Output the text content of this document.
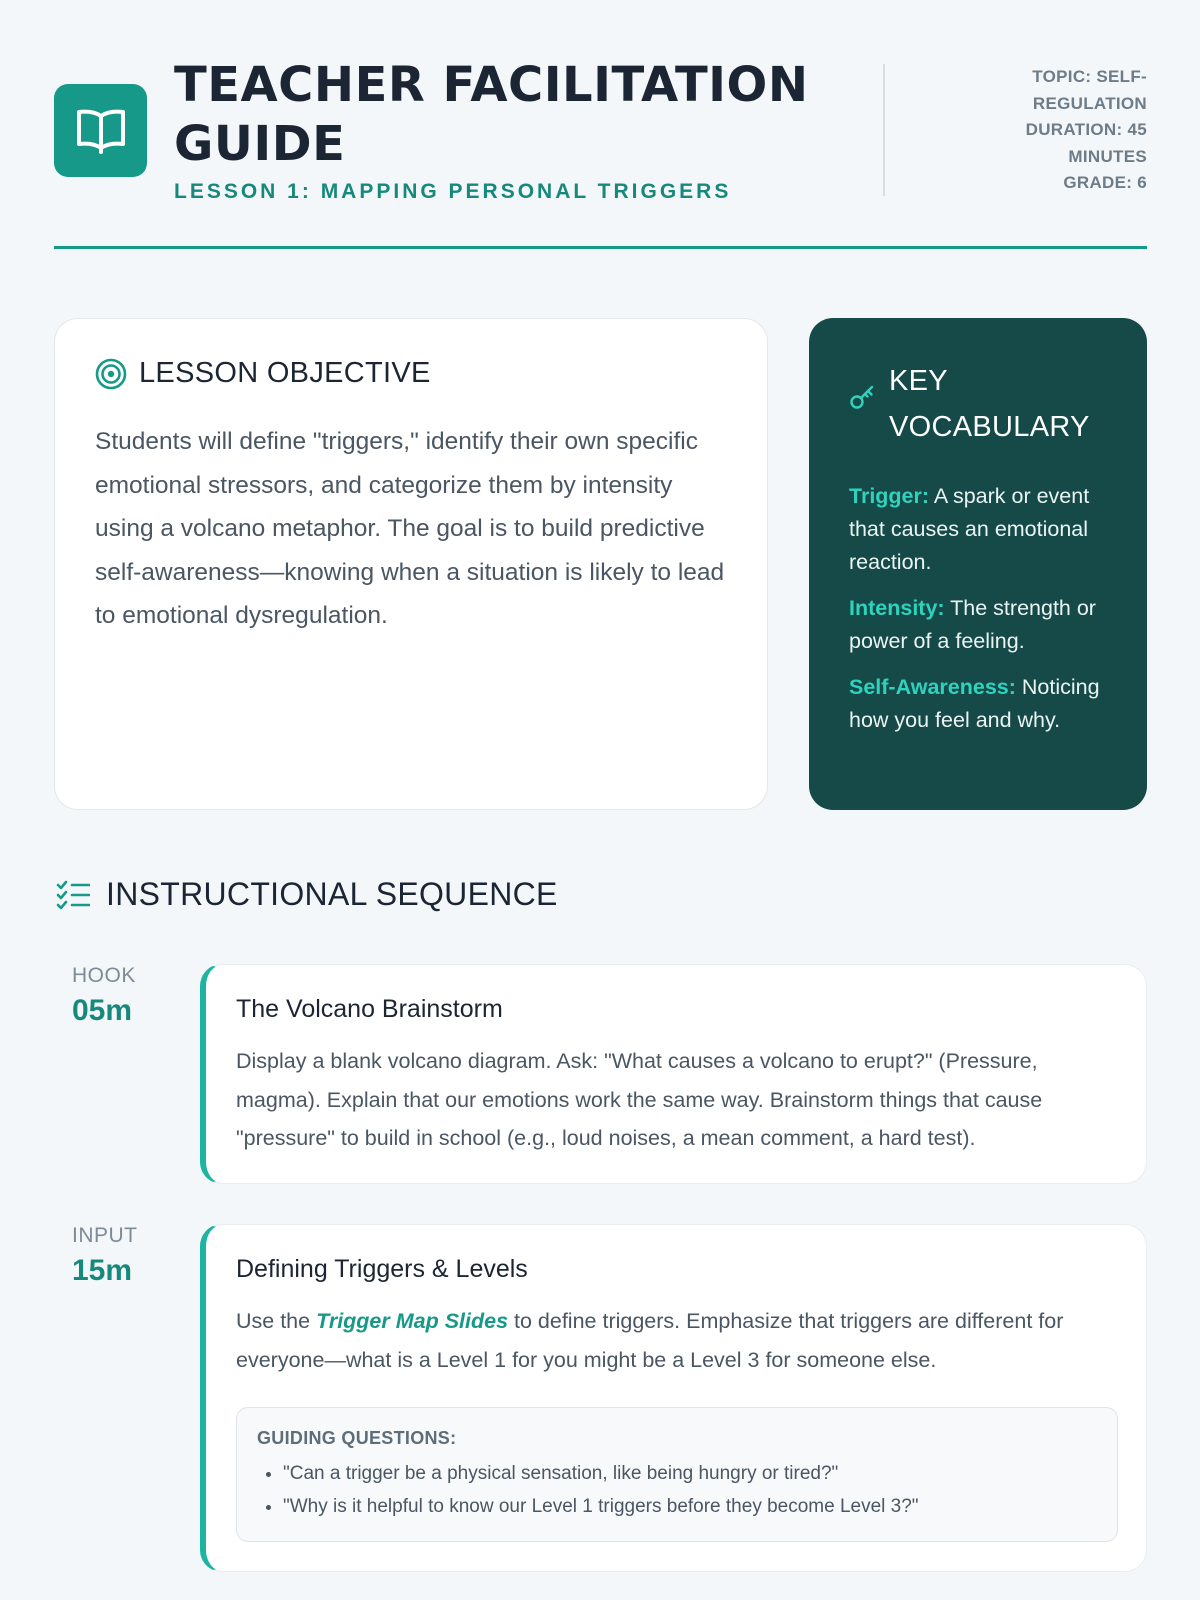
TEACHER FACILITATION GUIDE
LESSON 1: MAPPING PERSONAL TRIGGERS
TOPIC: SELF-REGULATION
DURATION: 45 MINUTES
GRADE: 6
LESSON OBJECTIVE
Students will define "triggers," identify their own specific emotional stressors, and categorize them by intensity using a volcano metaphor. The goal is to build predictive self-awareness—knowing when a situation is likely to lead to emotional dysregulation.
KEY VOCABULARY
Trigger: A spark or event that causes an emotional reaction.
Intensity: The strength or power of a feeling.
Self-Awareness: Noticing how you feel and why.
INSTRUCTIONAL SEQUENCE
HOOK
05m	The Volcano Brainstorm
Display a blank volcano diagram. Ask: "What causes a volcano to erupt?" (Pressure, magma). Explain that our emotions work the same way. Brainstorm things that cause "pressure" to build in school (e.g., loud noises, a mean comment, a hard test).
INPUT
15m	Defining Triggers & Levels
Use the Trigger Map Slides to define triggers. Emphasize that triggers are different for everyone—what is a Level 1 for you might be a Level 3 for someone else.
GUIDING QUESTIONS:
• "Can a trigger be a physical sensation, like being hungry or tired?"
• "Why is it helpful to know our Level 1 triggers before they become Level 3?"
